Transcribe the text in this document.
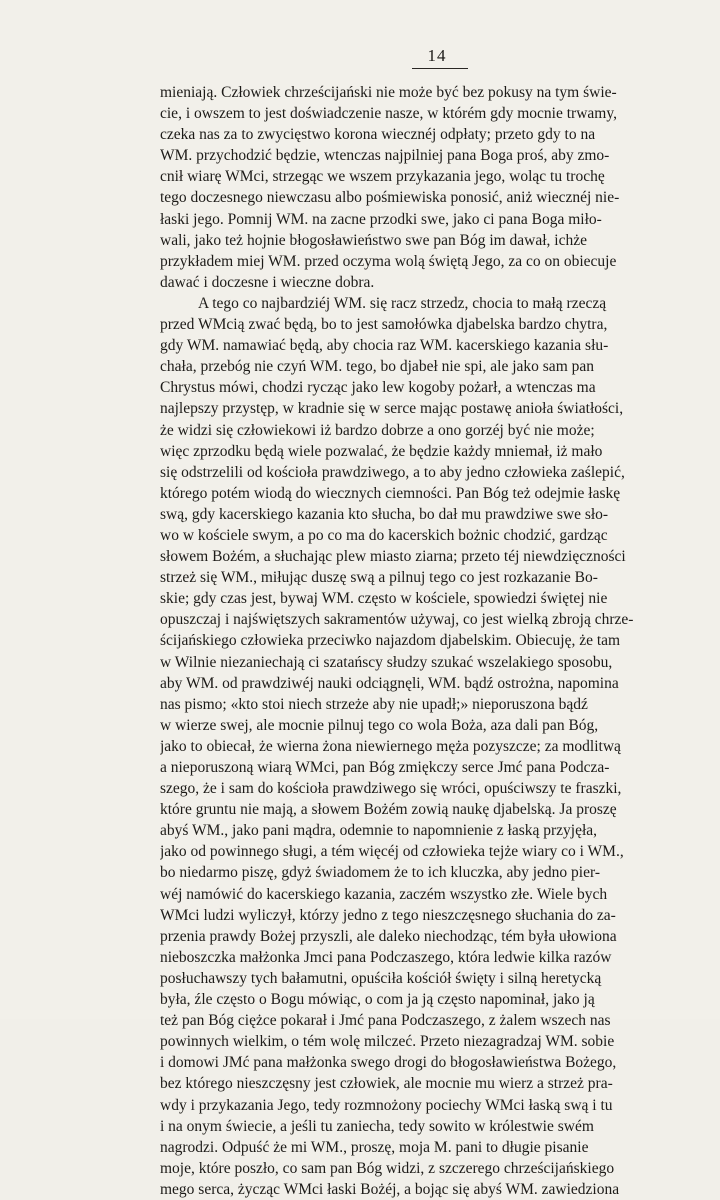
14
mieniają. Człowiek chrześcijański nie może być bez pokusy na tym świe-
cie, i owszem to jest doświadczenie nasze, w którém gdy mocnie trwamy,
czeka nas za to zwycięstwo korona wiecznéj odpłaty; przeto gdy to na
WM. przychodzić będzie, wtenczas najpilniej pana Boga proś, aby zmo-
cnił wiarę WMci, strzegąc we wszem przykazania jego, woląc tu trochę
tego doczesnego niewczasu albo pośmiewiska ponosić, aniż wiecznéj nie-
łaski jego. Pomnij WM. na zacne przodki swe, jako ci pana Boga miło-
wali, jako też hojnie błogosławieństwo swe pan Bóg im dawał, ichże
przykładem miej WM. przed oczyma wolą świętą Jego, za co on obiecuje
dawać i doczesne i wieczne dobra.
A tego co najbardziéj WM. się racz strzedz, chocia to małą rzeczą
przed WMcią zwać będą, bo to jest samołówka djabelska bardzo chytra,
gdy WM. namawiać będą, aby chocia raz WM. kacerskiego kazania słu-
chała, przebóg nie czyń WM. tego, bo djabeł nie spi, ale jako sam pan
Chrystus mówi, chodzi rycząc jako lew kogoby pożarł, a wtenczas ma
najlepszy przystęp, w kradnie się w serce mając postawę anioła światłości,
że widzi się człowiekowi iż bardzo dobrze a ono gorzéj być nie może;
więc zprzodku będą wiele pozwalać, że będzie każdy mniemał, iż mało
się odstrzelili od kościoła prawdziwego, a to aby jedno człowieka zaślepić,
którego potém wiodą do wiecznych ciemności. Pan Bóg też odejmie łaskę
swą, gdy kacerskiego kazania kto słucha, bo dał mu prawdziwe swe sło-
wo w kościele swym, a po co ma do kacerskich bożnic chodzić, gardząc
słowem Bożém, a słuchając plew miasto ziarna; przeto téj niewdzięczności
strzeż się WM., miłując duszę swą a pilnuj tego co jest rozkazanie Bo-
skie; gdy czas jest, bywaj WM. często w kościele, spowiedzi świętej nie
opuszczaj i najświętszych sakramentów używaj, co jest wielką zbroją chrze-
ścijańskiego człowieka przeciwko najazdom djabelskim. Obiecuję, że tam
w Wilnie niezaniechają ci szatańscy słudzy szukać wszelakiego sposobu,
aby WM. od prawdziwéj nauki odciągnęli, WM. bądź ostrożna, napomina
nas pismo; «kto stoi niech strzeże aby nie upadł;» nieporuszona bądź
w wierze swej, ale mocnie pilnuj tego co wola Boża, aza dali pan Bóg,
jako to obiecał, że wierna żona niewiernego męża pozyszcze; za modlitwą
a nieporuszoną wiarą WMci, pan Bóg zmiękczy serce Jmć pana Podcza-
szego, że i sam do kościoła prawdziwego się wróci, opuściwszy te fraszki,
które gruntu nie mają, a słowem Bożém zowią naukę djabelską. Ja proszę
abyś WM., jako pani mądra, odemnie to napomnienie z łaską przyjęła,
jako od powinnego sługi, a tém więcéj od człowieka tejże wiary co i WM.,
bo niedarmo piszę, gdyż świadomem że to ich kluczka, aby jedno pier-
wéj namówić do kacerskiego kazania, zaczém wszystko złe. Wiele bych
WMci ludzi wyliczył, którzy jedno z tego nieszczęsnego słuchania do za-
przenia prawdy Bożej przyszli, ale daleko niechodząc, tém była ułowiona
nieboszczka małżonka Jmci pana Podczaszego, która ledwie kilka razów
posłuchawszy tych bałamutni, opuściła kościół święty i silną heretycką
była, źle często o Bogu mówiąc, o com ja ją często napominał, jako ją
też pan Bóg ciężce pokarał i Jmć pana Podczaszego, z żalem wszech nas
powinnych wielkim, o tém wolę milczeć. Przeto niezagradzaj WM. sobie
i domowi JMć pana małżonka swego drogi do błogosławieństwa Bożego,
bez którego nieszczęsny jest człowiek, ale mocnie mu wierz a strzeż pra-
wdy i przykazania Jego, tedy rozmnożony pociechy WMci łaską swą i tu
i na onym świecie, a jeśli tu zaniecha, tedy sowito w królestwie swém
nagrodzi. Odpuść że mi WM., proszę, moja M. pani to długie pisanie
moje, które poszło, co sam pan Bóg widzi, z szczerego chrześcijańskiego
mego serca, życząc WMci łaski Bożéj, a bojąc się abyś WM. zawiedziona
